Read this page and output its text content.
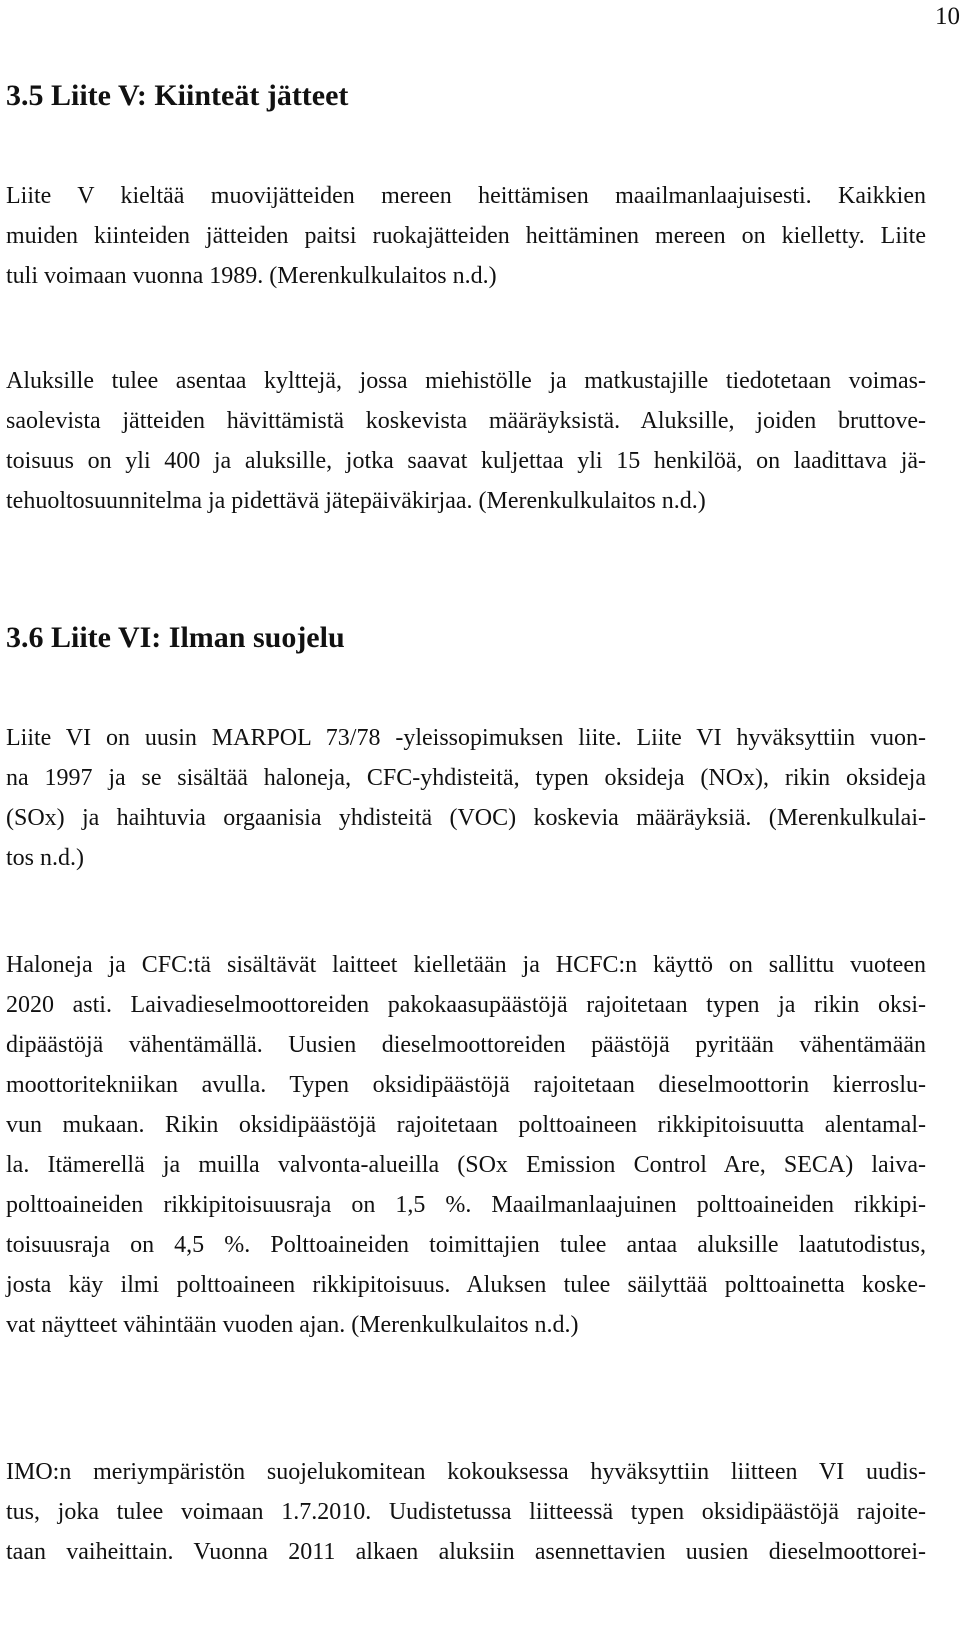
10
3.5 Liite V: Kiinteät jätteet
Liite V kieltää muovijätteiden mereen heittämisen maailmanlaajuisesti. Kaikkien
muiden kiinteiden jätteiden paitsi ruokajätteiden heittäminen mereen on kielletty. Liite
tuli voimaan vuonna 1989. (Merenkulkulaitos n.d.)
Aluksille tulee asentaa kylttejä, jossa miehistölle ja matkustajille tiedotetaan voimas-
saolevista jätteiden hävittämistä koskevista määräyksistä. Aluksille, joiden bruttove-
toisuus on yli 400 ja aluksille, jotka saavat kuljettaa yli 15 henkilöä, on laadittava jä-
tehuoltosuunnitelma ja pidettävä jätepäiväkirjaa. (Merenkulkulaitos n.d.)
3.6 Liite VI: Ilman suojelu
Liite VI on uusin MARPOL 73/78 -yleissopimuksen liite. Liite VI hyväksyttiin vuon-
na 1997 ja se sisältää haloneja, CFC-yhdisteitä, typen oksideja (NOx), rikin oksideja
(SOx) ja haihtuvia orgaanisia yhdisteitä (VOC) koskevia määräyksiä. (Merenkulkulai-
tos n.d.)
Haloneja ja CFC:tä sisältävät laitteet kielletään ja HCFC:n käyttö on sallittu vuoteen
2020 asti. Laivadieselmoottoreiden pakokaasupäästöjä rajoitetaan typen ja rikin oksi-
dipäästöjä vähentämällä. Uusien dieselmoottoreiden päästöjä pyritään vähentämään
moottoritekniikan avulla. Typen oksidipäästöjä rajoitetaan dieselmoottorin kierroslu-
vun mukaan. Rikin oksidipäästöjä rajoitetaan polttoaineen rikkipitoisuutta alentamal-
la. Itämerellä ja muilla valvonta-alueilla (SOx Emission Control Are, SECA) laiva-
polttoaineiden rikkipitoisuusraja on 1,5 %. Maailmanlaajuinen polttoaineiden rikkipi-
toisuusraja on 4,5 %. Polttoaineiden toimittajien tulee antaa aluksille laatutodistus,
josta käy ilmi polttoaineen rikkipitoisuus. Aluksen tulee säilyttää polttoainetta koske-
vat näytteet vähintään vuoden ajan. (Merenkulkulaitos n.d.)
IMO:n meriympäristön suojelukomitean kokouksessa hyväksyttiin liitteen VI uudis-
tus, joka tulee voimaan 1.7.2010. Uudistetussa liitteessä typen oksidipäästöjä rajoite-
taan vaiheittain. Vuonna 2011 alkaen aluksiin asennettavien uusien dieselmoottorei-
